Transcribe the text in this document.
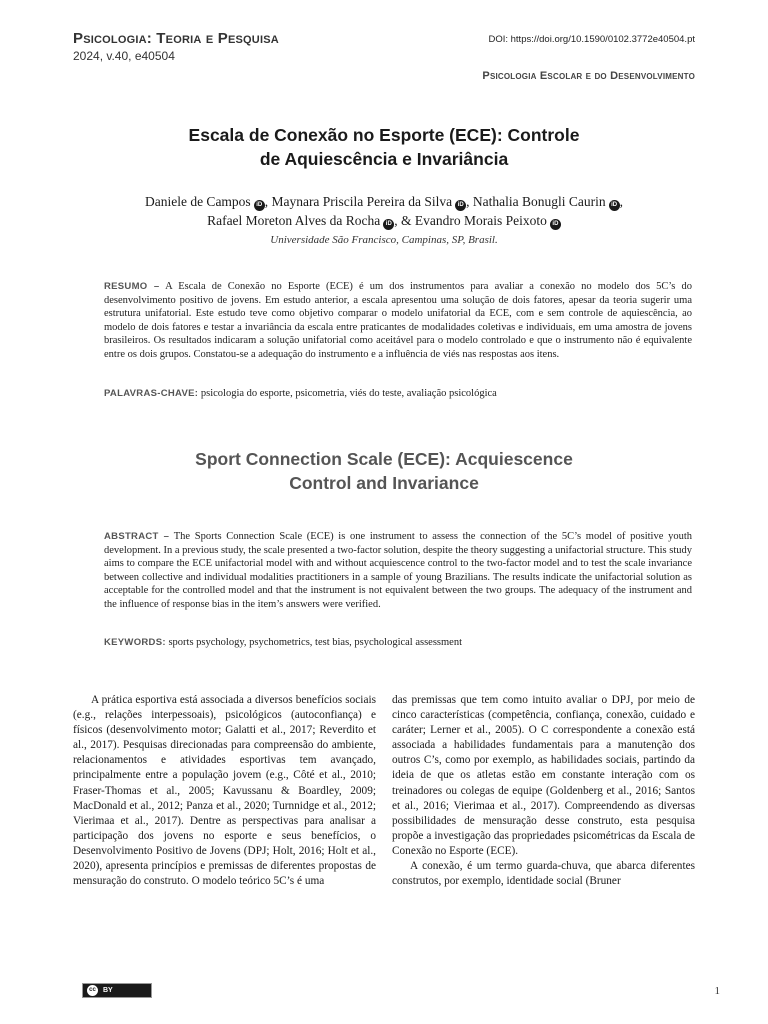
Psicologia: Teoria e Pesquisa
2024, v.40, e40504
DOI: https://doi.org/10.1590/0102.3772e40504.pt
Psicologia Escolar e do Desenvolvimento
Escala de Conexão no Esporte (ECE): Controle
de Aquiescência e Invariância
Daniele de Campos iD , Maynara Priscila Pereira da Silva iD , Nathalia Bonugli Caurin iD ,
Rafael Moreton Alves da Rocha iD , & Evandro Morais Peixoto iD
Universidade São Francisco, Campinas, SP, Brasil.
RESUMO – A Escala de Conexão no Esporte (ECE) é um dos instrumentos para avaliar a conexão no modelo dos 5C’s do desenvolvimento positivo de jovens. Em estudo anterior, a escala apresentou uma solução de dois fatores, apesar da teoria sugerir uma estrutura unifatorial. Este estudo teve como objetivo comparar o modelo unifatorial da ECE, com e sem controle de aquiescência, ao modelo de dois fatores e testar a invariância da escala entre praticantes de modalidades coletivas e individuais, em uma amostra de jovens brasileiros. Os resultados indicaram a solução unifatorial como aceitável para o modelo controlado e que o instrumento não é equivalente entre os dois grupos. Constatou-se a adequação do instrumento e a influência de viés nas respostas aos itens.
PALAVRAS-CHAVE: psicologia do esporte, psicometria, viés do teste, avaliação psicológica
Sport Connection Scale (ECE): Acquiescence
Control and Invariance
ABSTRACT – The Sports Connection Scale (ECE) is one instrument to assess the connection of the 5C’s model of positive youth development. In a previous study, the scale presented a two-factor solution, despite the theory suggesting a unifactorial structure. This study aims to compare the ECE unifactorial model with and without acquiescence control to the two-factor model and to test the scale invariance between collective and individual modalities practitioners in a sample of young Brazilians. The results indicate the unifactorial solution as acceptable for the controlled model and that the instrument is not equivalent between the two groups. The adequacy of the instrument and the influence of response bias in the item’s answers were verified.
KEYWORDS: sports psychology, psychometrics, test bias, psychological assessment

A prática esportiva está associada a diversos benefícios sociais (e.g., relações interpessoais), psicológicos (autoconfiança) e físicos (desenvolvimento motor; Galatti et al., 2017; Reverdito et al., 2017). Pesquisas direcionadas para compreensão do ambiente, relacionamentos e atividades esportivas tem avançado, principalmente entre a população jovem (e.g., Côté et al., 2010; Fraser-Thomas et al., 2005; Kavussanu & Boardley, 2009; MacDonald et al., 2012; Panza et al., 2020; Turnnidge et al., 2012; Vierimaa et al., 2017). Dentre as perspectivas para analisar a participação dos jovens no esporte e seus benefícios, o Desenvolvimento Positivo de Jovens (DPJ; Holt, 2016; Holt et al., 2020), apresenta princípios e premissas de diferentes propostas de mensuração do construto. O modelo teórico 5C’s é uma

das premissas que tem como intuito avaliar o DPJ, por meio de cinco características (competência, confiança, conexão, cuidado e caráter; Lerner et al., 2005). O C correspondente a conexão está associada a habilidades fundamentais para a manutenção dos outros C’s, como por exemplo, as habilidades sociais, partindo da ideia de que os atletas estão em constante interação com os treinadores ou colegas de equipe (Goldenberg et al., 2016; Santos et al., 2016; Vierimaa et al., 2017). Compreendendo as diversas possibilidades de mensuração desse construto, esta pesquisa propõe a investigação das propriedades psicométricas da Escala de Conexão no Esporte (ECE).

A conexão, é um termo guarda-chuva, que abarca diferentes construtos, por exemplo, identidade social (Bruner

cc	BY	1
